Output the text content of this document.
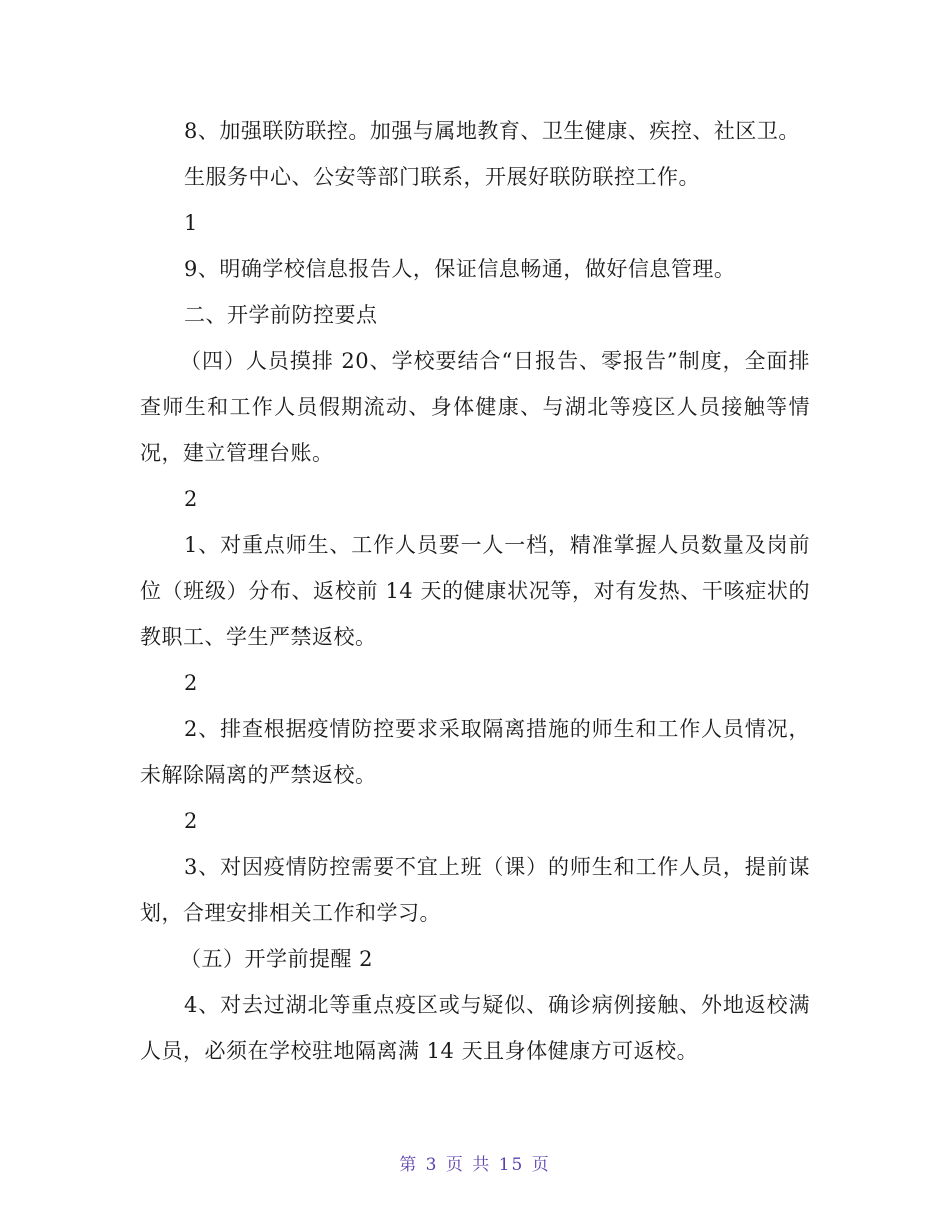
8、加强联防联控。加强与属地教育、卫生健康、疾控、社区卫。

生服务中心、公安等部门联系，开展好联防联控工作。

1

9、明确学校信息报告人，保证信息畅通，做好信息管理。

二、开学前防控要点

（四）人员摸排 20、学校要结合“日报告、零报告”制度，全面排查师生和工作人员假期流动、身体健康、与湖北等疫区人员接触等情况，建立管理台账。

2

1、对重点师生、工作人员要一人一档，精准掌握人员数量及岗前位（班级）分布、返校前 14 天的健康状况等，对有发热、干咳症状的教职工、学生严禁返校。

2

2、排查根据疫情防控要求采取隔离措施的师生和工作人员情况，未解除隔离的严禁返校。

2

3、对因疫情防控需要不宜上班（课）的师生和工作人员，提前谋划，合理安排相关工作和学习。

（五）开学前提醒 2

4、对去过湖北等重点疫区或与疑似、确诊病例接触、外地返校满人员，必须在学校驻地隔离满 14 天且身体健康方可返校。

第 3 页 共 15 页
